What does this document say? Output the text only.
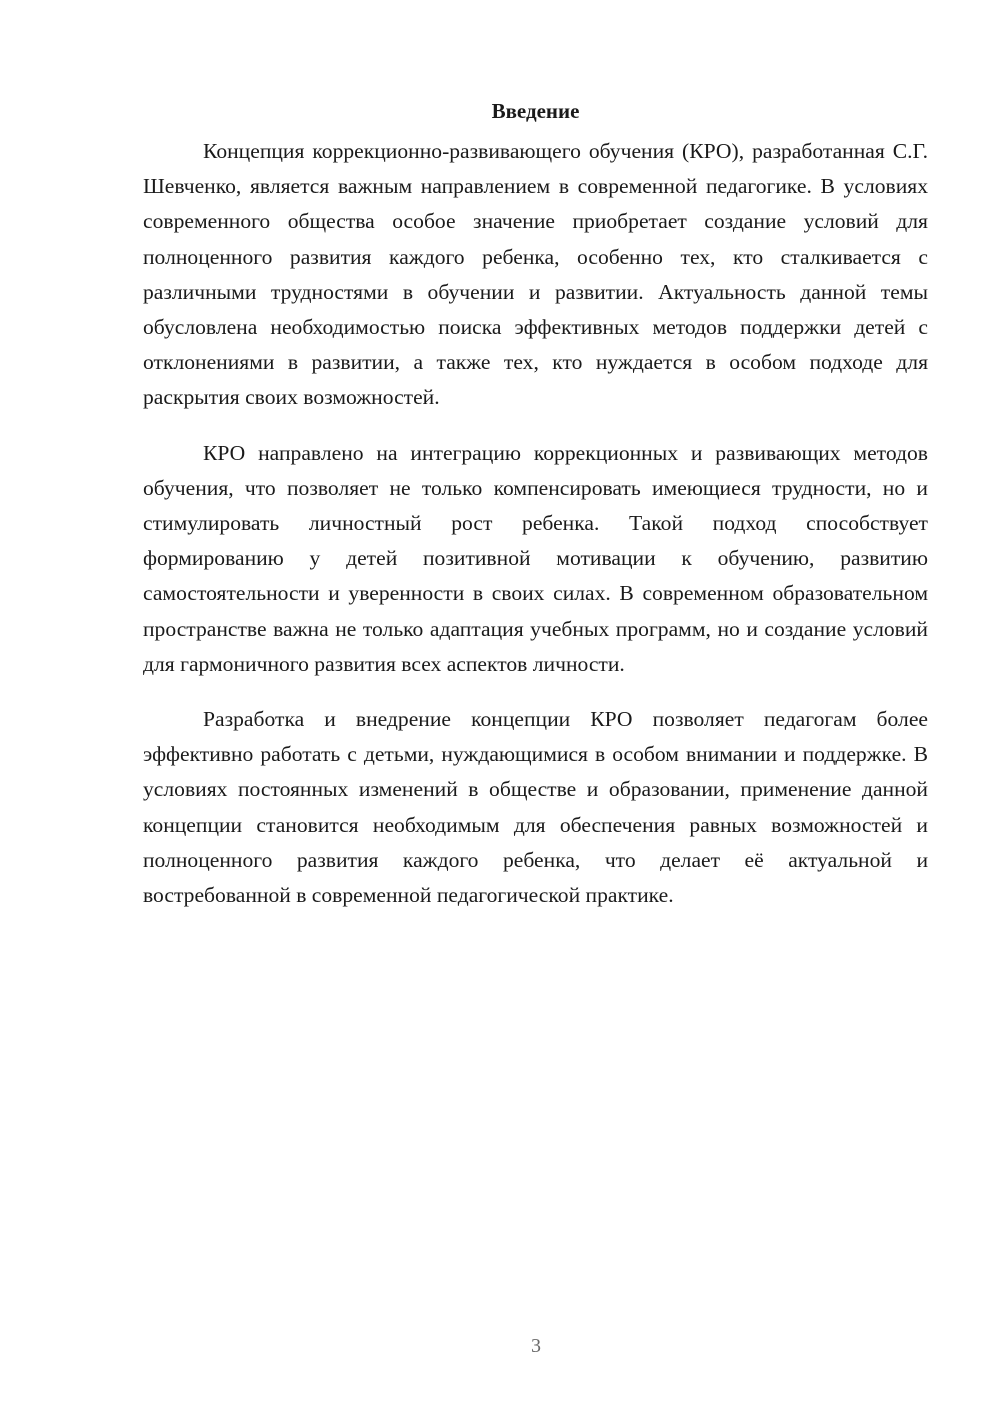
Введение

Концепция коррекционно-развивающего обучения (КРО), разработанная С.Г. Шевченко, является важным направлением в современной педагогике. В условиях современного общества особое значение приобретает создание условий для полноценного развития каждого ребенка, особенно тех, кто сталкивается с различными трудностями в обучении и развитии. Актуальность данной темы обусловлена необходимостью поиска эффективных методов поддержки детей с отклонениями в развитии, а также тех, кто нуждается в особом подходе для раскрытия своих возможностей.

КРО направлено на интеграцию коррекционных и развивающих методов обучения, что позволяет не только компенсировать имеющиеся трудности, но и стимулировать личностный рост ребенка. Такой подход способствует формированию у детей позитивной мотивации к обучению, развитию самостоятельности и уверенности в своих силах. В современном образовательном пространстве важна не только адаптация учебных программ, но и создание условий для гармоничного развития всех аспектов личности.

Разработка и внедрение концепции КРО позволяет педагогам более эффективно работать с детьми, нуждающимися в особом внимании и поддержке. В условиях постоянных изменений в обществе и образовании, применение данной концепции становится необходимым для обеспечения равных возможностей и полноценного развития каждого ребенка, что делает её актуальной и востребованной в современной педагогической практике.

3
